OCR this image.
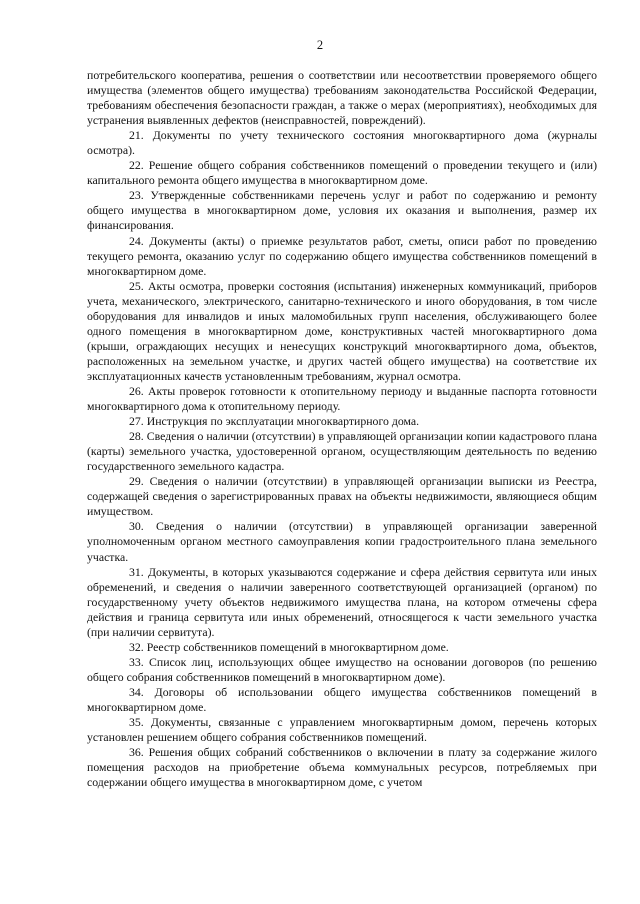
2

потребительского кооператива, решения о соответствии или несоответствии проверяемого общего имущества (элементов общего имущества) требованиям законодательства Российской Федерации, требованиям обеспечения безопасности граждан, а также о мерах (мероприятиях), необходимых для устранения выявленных дефектов (неисправностей, повреждений).

21. Документы по учету технического состояния многоквартирного дома (журналы осмотра).

22. Решение общего собрания собственников помещений о проведении текущего и (или) капитального ремонта общего имущества в многоквартирном доме.

23. Утвержденные собственниками перечень услуг и работ по содержанию и ремонту общего имущества в многоквартирном доме, условия их оказания и выполнения, размер их финансирования.

24. Документы (акты) о приемке результатов работ, сметы, описи работ по проведению текущего ремонта, оказанию услуг по содержанию общего имущества собственников помещений в многоквартирном доме.

25. Акты осмотра, проверки состояния (испытания) инженерных коммуникаций, приборов учета, механического, электрического, санитарно-технического и иного оборудования, в том числе оборудования для инвалидов и иных маломобильных групп населения, обслуживающего более одного помещения в многоквартирном доме, конструктивных частей многоквартирного дома (крыши, ограждающих несущих и ненесущих конструкций многоквартирного дома, объектов, расположенных на земельном участке, и других частей общего имущества) на соответствие их эксплуатационных качеств установленным требованиям, журнал осмотра.

26. Акты проверок готовности к отопительному периоду и выданные паспорта готовности многоквартирного дома к отопительному периоду.

27. Инструкция по эксплуатации многоквартирного дома.

28. Сведения о наличии (отсутствии) в управляющей организации копии кадастрового плана (карты) земельного участка, удостоверенной органом, осуществляющим деятельность по ведению государственного земельного кадастра.

29. Сведения о наличии (отсутствии) в управляющей организации выписки из Реестра, содержащей сведения о зарегистрированных правах на объекты недвижимости, являющиеся общим имуществом.

30. Сведения о наличии (отсутствии) в управляющей организации заверенной уполномоченным органом местного самоуправления копии градостроительного плана земельного участка.

31. Документы, в которых указываются содержание и сфера действия сервитута или иных обременений, и сведения о наличии заверенного соответствующей организацией (органом) по государственному учету объектов недвижимого имущества плана, на котором отмечены сфера действия и граница сервитута или иных обременений, относящегося к части земельного участка (при наличии сервитута).

32. Реестр собственников помещений в многоквартирном доме.

33. Список лиц, использующих общее имущество на основании договоров (по решению общего собрания собственников помещений в многоквартирном доме).

34. Договоры об использовании общего имущества собственников помещений в многоквартирном доме.

35. Документы, связанные с управлением многоквартирным домом, перечень которых установлен решением общего собрания собственников помещений.

36. Решения общих собраний собственников о включении в плату за содержание жилого помещения расходов на приобретение объема коммунальных ресурсов, потребляемых при содержании общего имущества в многоквартирном доме, с учетом
